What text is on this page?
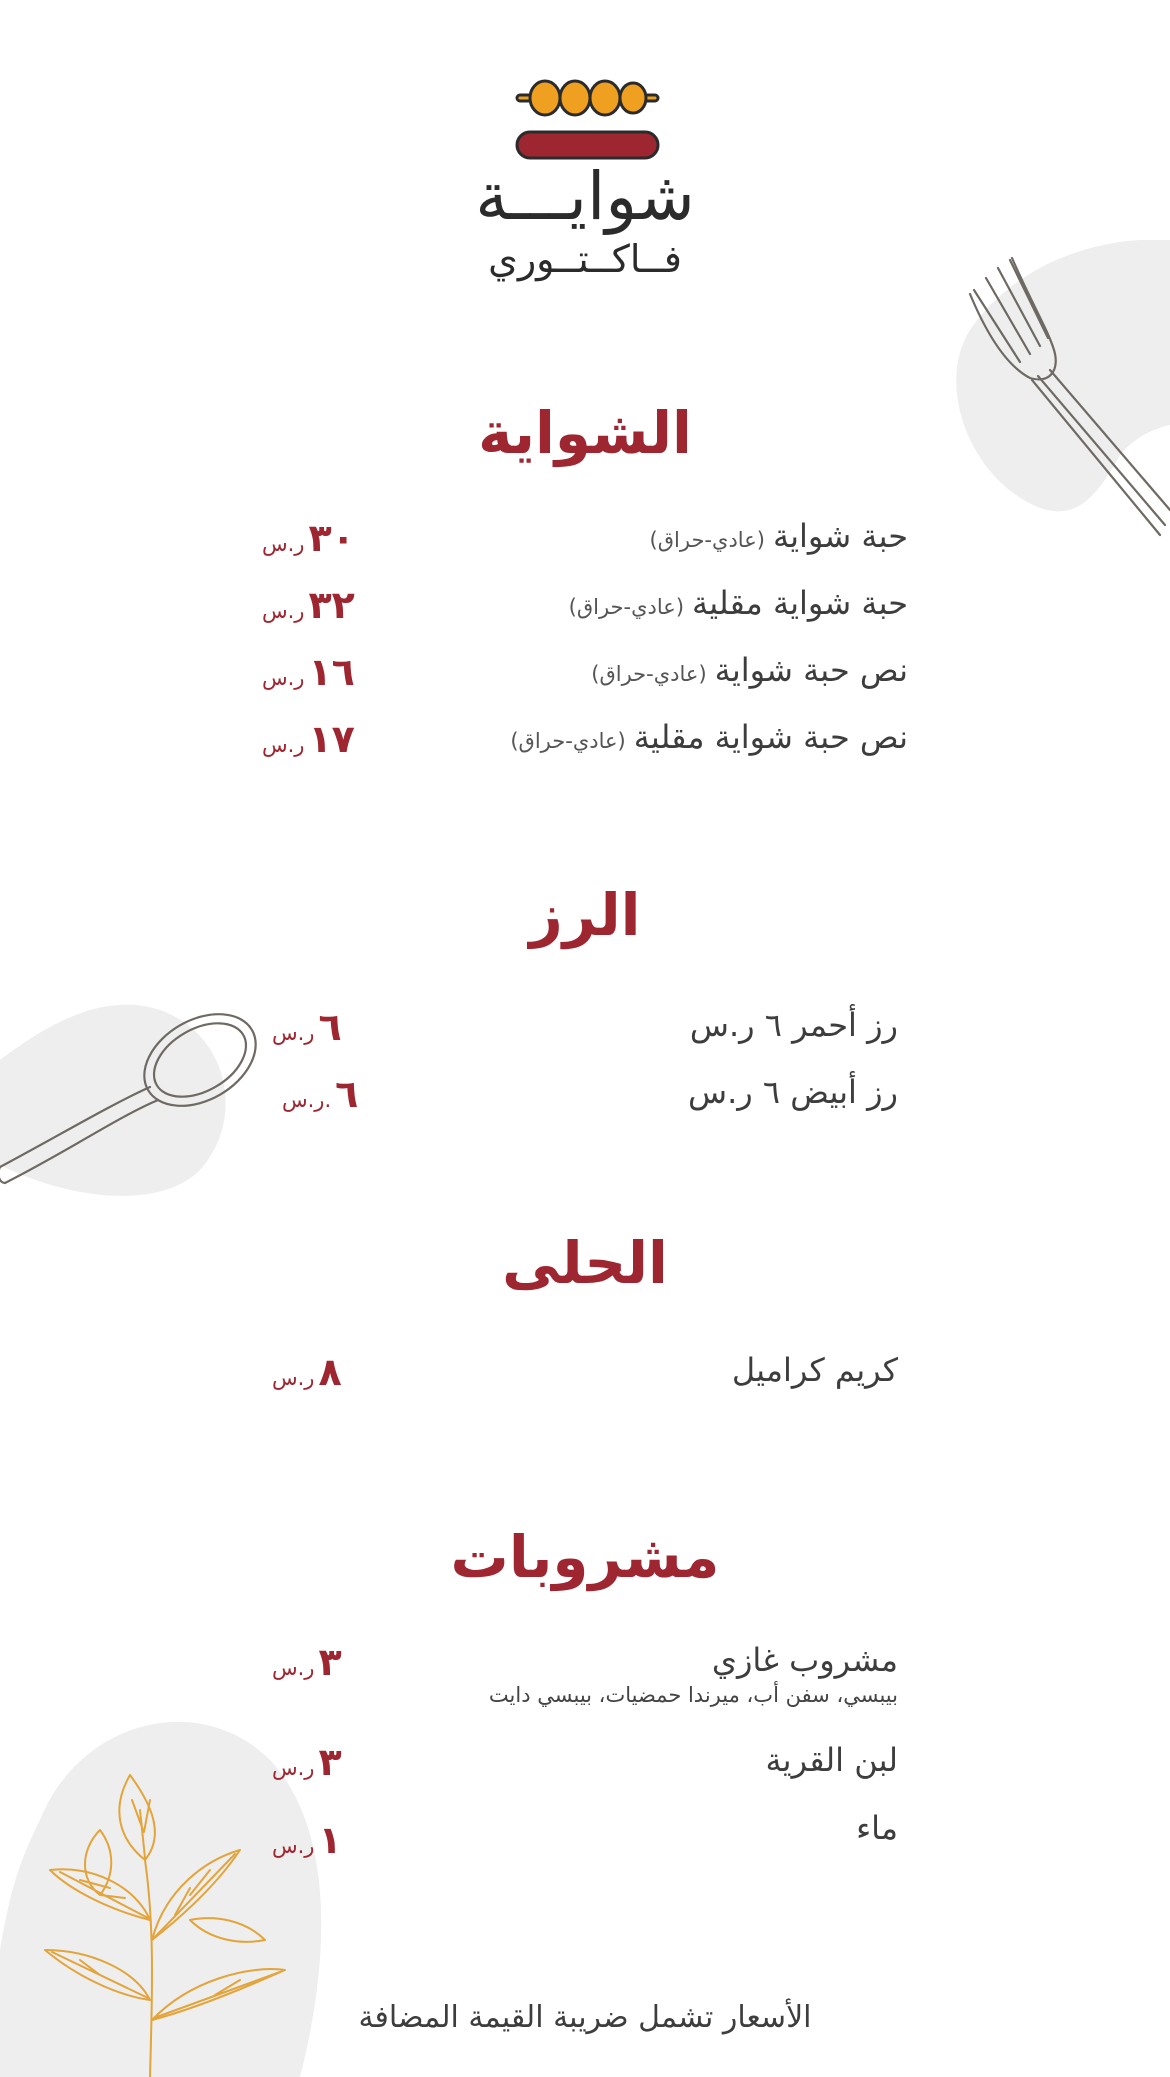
شوايـــة
فــاكــتــوري
الشواية
حبة شواية(عادي-حراق)
٣٠ر.س
حبة شواية مقلية(عادي-حراق)
٣٢ر.س
نص حبة شواية(عادي-حراق)
١٦ر.س
نص حبة شواية مقلية(عادي-حراق)
١٧ر.س
الرز
رز أحمر ٦ ر.س
٦ر.س
رز أبيض ٦ ر.س
٦.ر.س
الحلى
كريم كراميل
٨ر.س
مشروبات
مشروب غازي
بيبسي، سفن أب، ميرندا حمضيات، بيبسي دايت
٣ر.س
لبن القرية
٣ر.س
ماء
١ر.س
الأسعار تشمل ضريبة القيمة المضافة
